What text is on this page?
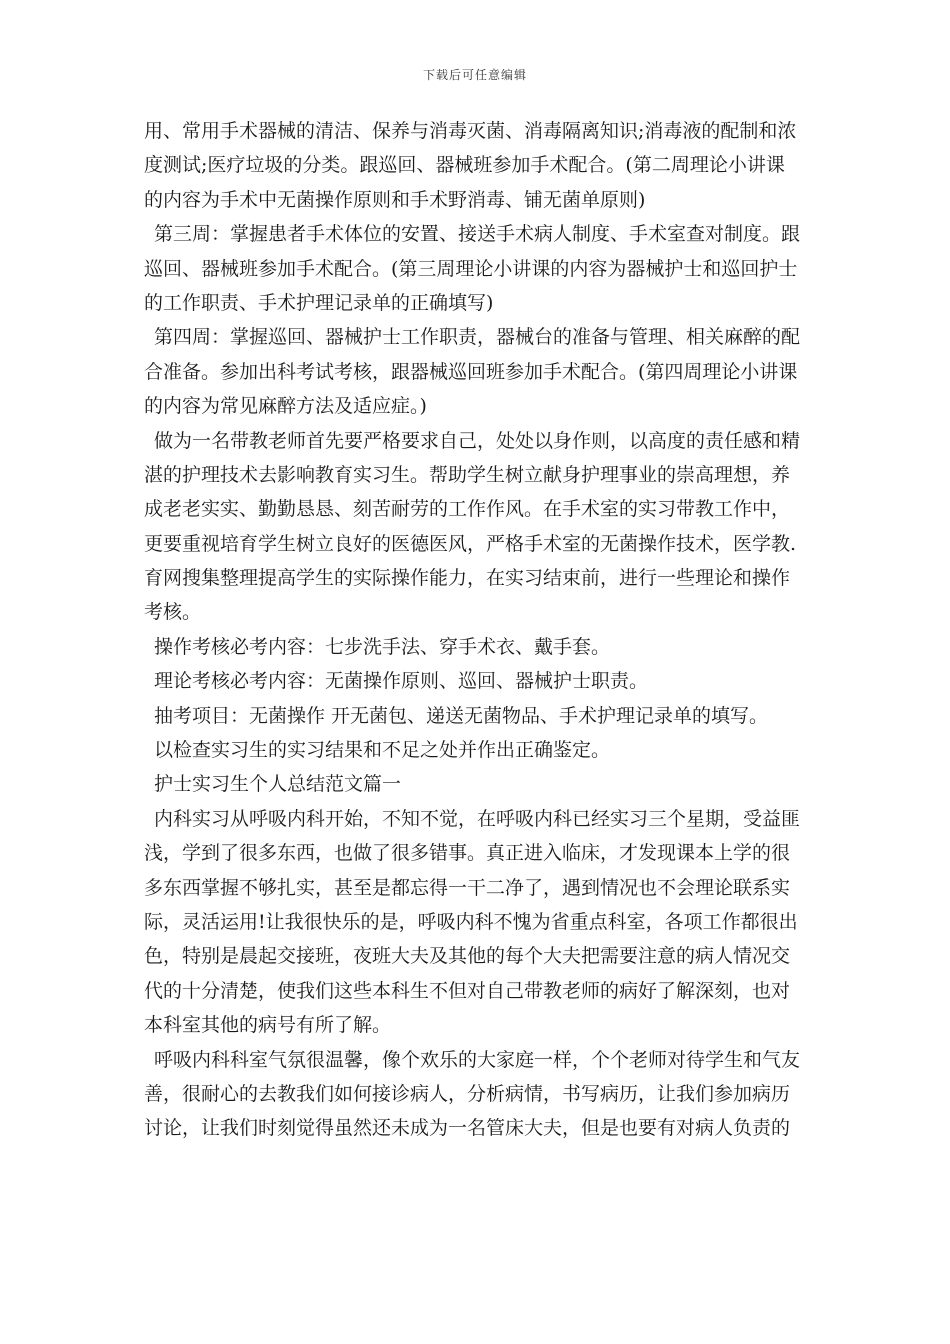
下载后可任意编辑
用、常用手术器械的清洁、保养与消毒灭菌、消毒隔离知识;消毒液的配制和浓
度测试;医疗垃圾的分类。跟巡回、器械班参加手术配合。(第二周理论小讲课
的内容为手术中无菌操作原则和手术野消毒、铺无菌单原则)
第三周：掌握患者手术体位的安置、接送手术病人制度、手术室查对制度。跟
巡回、器械班参加手术配合。(第三周理论小讲课的内容为器械护士和巡回护士
的工作职责、手术护理记录单的正确填写)
第四周：掌握巡回、器械护士工作职责，器械台的准备与管理、相关麻醉的配
合准备。参加出科考试考核，跟器械巡回班参加手术配合。(第四周理论小讲课
的内容为常见麻醉方法及适应症。)
做为一名带教老师首先要严格要求自己，处处以身作则，以高度的责任感和精
湛的护理技术去影响教育实习生。帮助学生树立献身护理事业的崇高理想，养
成老老实实、勤勤恳恳、刻苦耐劳的工作作风。在手术室的实习带教工作中，
更要重视培育学生树立良好的医德医风，严格手术室的无菌操作技术，医学教.
育网搜集整理提高学生的实际操作能力，在实习结束前，进行一些理论和操作
考核。
操作考核必考内容：七步洗手法、穿手术衣、戴手套。
理论考核必考内容：无菌操作原则、巡回、器械护士职责。
抽考项目：无菌操作 开无菌包、递送无菌物品、手术护理记录单的填写。
以检查实习生的实习结果和不足之处并作出正确鉴定。
护士实习生个人总结范文篇一
内科实习从呼吸内科开始，不知不觉，在呼吸内科已经实习三个星期，受益匪
浅，学到了很多东西，也做了很多错事。真正进入临床，才发现课本上学的很
多东西掌握不够扎实，甚至是都忘得一干二净了，遇到情况也不会理论联系实
际，灵活运用!让我很快乐的是，呼吸内科不愧为省重点科室，各项工作都很出
色，特别是晨起交接班，夜班大夫及其他的每个大夫把需要注意的病人情况交
代的十分清楚，使我们这些本科生不但对自己带教老师的病好了解深刻，也对
本科室其他的病号有所了解。
呼吸内科科室气氛很温馨，像个欢乐的大家庭一样，个个老师对待学生和气友
善，很耐心的去教我们如何接诊病人，分析病情，书写病历，让我们参加病历
讨论，让我们时刻觉得虽然还未成为一名管床大夫，但是也要有对病人负责的
